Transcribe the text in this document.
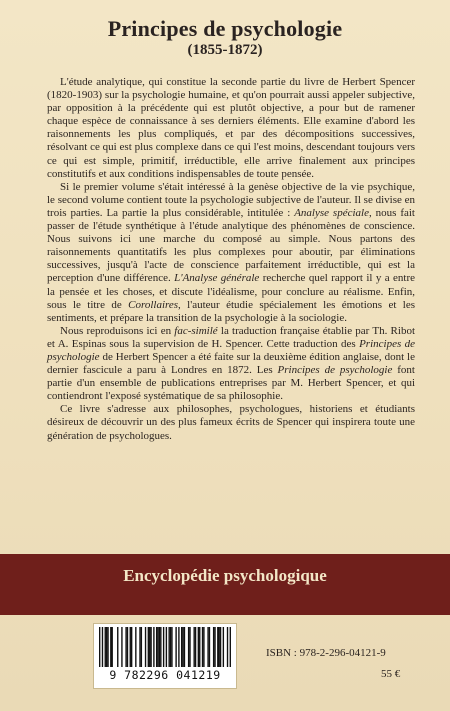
Principes de psychologie
(1855-1872)

L'étude analytique, qui constitue la seconde partie du livre de Herbert Spencer (1820-1903) sur la psychologie humaine, et qu'on pourrait aussi appeler subjective, par opposition à la précédente qui est plutôt objective, a pour but de ramener chaque espèce de connaissance à ses derniers éléments. Elle examine d'abord les raisonnements les plus compliqués, et par des décompositions successives, résolvant ce qui est plus complexe dans ce qui l'est moins, descendant toujours vers ce qui est simple, primitif, irréductible, elle arrive finalement aux principes constitutifs et aux conditions indispensables de toute pensée.

Si le premier volume s'était intéressé à la genèse objective de la vie psychique, le second volume contient toute la psychologie subjective de l'auteur. Il se divise en trois parties. La partie la plus considérable, intitulée : Analyse spéciale, nous fait passer de l'étude synthétique à l'étude analytique des phénomènes de conscience. Nous suivons ici une marche du composé au simple. Nous partons des raisonnements quantitatifs les plus complexes pour aboutir, par éliminations successives, jusqu'à l'acte de conscience parfaitement irréductible, qui est la perception d'une différence. L'Analyse générale recherche quel rapport il y a entre la pensée et les choses, et discute l'idéalisme, pour conclure au réalisme. Enfin, sous le titre de Corollaires, l'auteur étudie spécialement les émotions et les sentiments, et prépare la transition de la psychologie à la sociologie.

Nous reproduisons ici en fac-similé la traduction française établie par Th. Ribot et A. Espinas sous la supervision de H. Spencer. Cette traduction des Principes de psychologie de Herbert Spencer a été faite sur la deuxième édition anglaise, dont le dernier fascicule a paru à Londres en 1872. Les Principes de psychologie font partie d'un ensemble de publications entreprises par M. Herbert Spencer, et qui contiendront l'exposé systématique de sa philosophie.

Ce livre s'adresse aux philosophes, psychologues, historiens et étudiants désireux de découvrir un des plus fameux écrits de Spencer qui inspirera toute une génération de psychologues.

Encyclopédie psychologique
9 782296 041219
ISBN : 978-2-296-04121-9
55 €
